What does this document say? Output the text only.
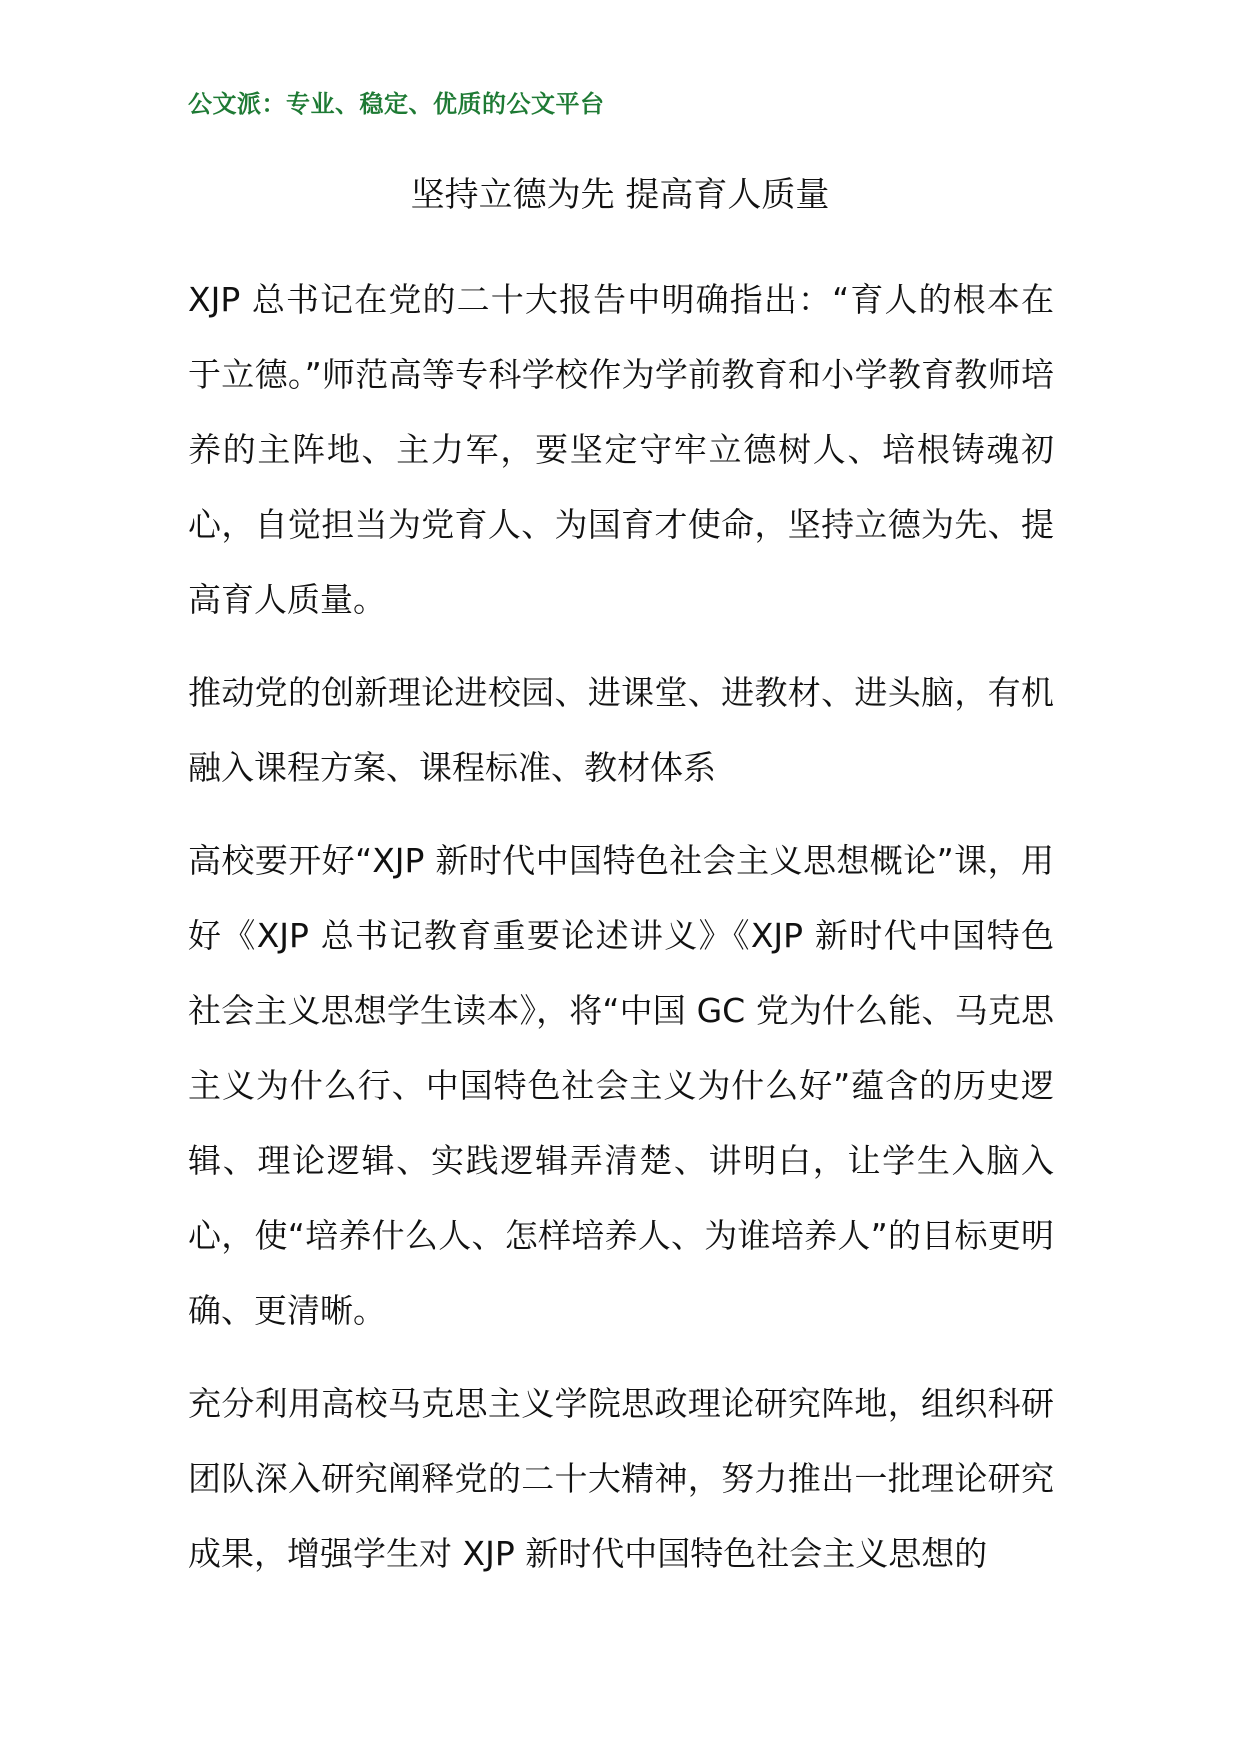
公文派：专业、稳定、优质的公文平台
坚持立德为先 提高育人质量

XJP 总书记在党的二十大报告中明确指出：“育人的根本在于立德。”师范高等专科学校作为学前教育和小学教育教师培养的主阵地、主力军，要坚定守牢立德树人、培根铸魂初心，自觉担当为党育人、为国育才使命，坚持立德为先、提高育人质量。

推动党的创新理论进校园、进课堂、进教材、进头脑，有机融入课程方案、课程标准、教材体系

高校要开好“XJP 新时代中国特色社会主义思想概论”课，用好《XJP 总书记教育重要论述讲义》《XJP 新时代中国特色社会主义思想学生读本》，将“中国 GC 党为什么能、马克思主义为什么行、中国特色社会主义为什么好”蕴含的历史逻辑、理论逻辑、实践逻辑弄清楚、讲明白，让学生入脑入心，使“培养什么人、怎样培养人、为谁培养人”的目标更明确、更清晰。

充分利用高校马克思主义学院思政理论研究阵地，组织科研团队深入研究阐释党的二十大精神，努力推出一批理论研究成果，增强学生对 XJP 新时代中国特色社会主义思想的
